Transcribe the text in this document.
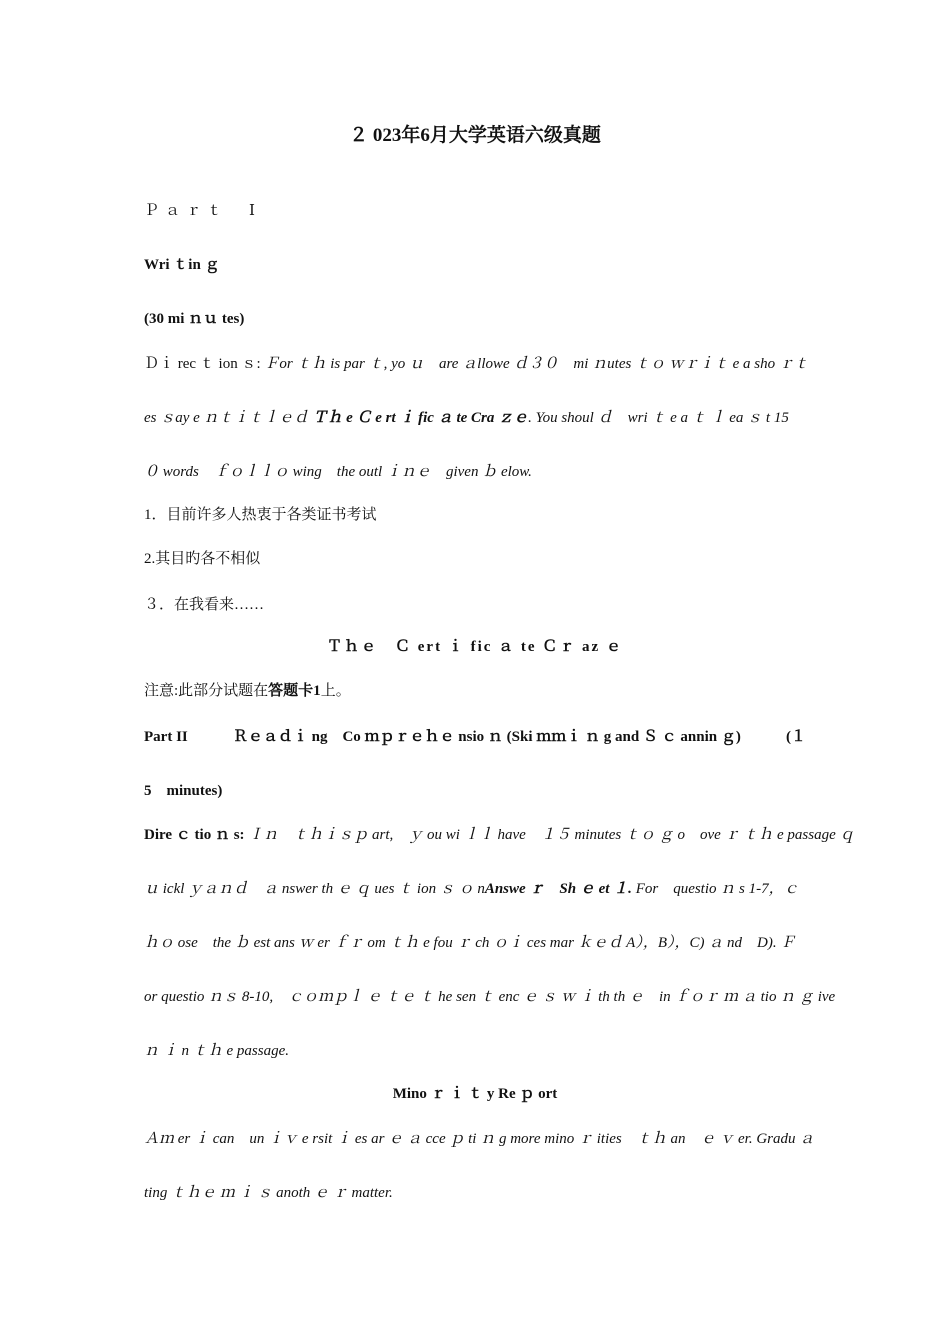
２ 023年6月大学英语六级真题
Ｐａｒｔ　Ⅰ
Wri ｔin ｇ
(30 mi ｎｕ tes)
Ｄｉ rec ｔ ion ｓ: Ｆor ｔｈ is par ｔ, yo ｕ　are ａllowe ｄ３０　mi ｎutes ｔｏ ｗｒｉｔ e a sho ｒｔ
es ｓay e ｎｔｉｔｌｅｄ Ｔｈ e Ｃ e rt ｉ fic ａ te Cra ｚｅ. You shoul ｄ　wri ｔ e a ｔ ｌ ea ｓ t 15
０ words　ｆｏｌｌｏ wing　the outl ｉｎｅ　given ｂ elow.
1．目前许多人热衷于各类证书考试
2.其目旳各不相似
３．在我看来……
Ｔｈｅ　Ｃ ert ｉ fic ａ te Ｃｒ az ｅ
注意:此部分试题在答题卡1上。
Part II	Ｒｅａｄｉ ng　Co ｍｐｒｅｈｅ nsio ｎ (Ski ｍｍｉ ｎ g and Ｓ ｃ annin ｇ)	(１
5　minutes)
Dire ｃ tio ｎ s: Ｉｎ　ｔｈｉｓｐ art,　ｙ ou wi ｌｌ have　１５ minutes ｔｏ ｇ o　ove ｒ ｔｈ e passage ｑ
ｕ ickl ｙａｎｄ　ａ nswer th ｅ ｑ ues ｔ ion ｓ ｏ nAnswe ｒ　Sh ｅ et １. For　questio ｎ s 1-7，ｃ
ｈｏ ose　the ｂ est ans ｗ er ｆｒ om ｔｈ e fou ｒ ch ｏｉ ces mar ｋｅｄ A），B），C) ａ nd　D). Ｆ
or questio ｎｓ 8-10,　ｃｏｍｐｌ ｅ ｔｅ ｔ he sen ｔ enc ｅ ｓ ｗ ｉ th th ｅ　in ｆｏｒ ｍ ａ tio ｎ ｇ ive
ｎ ｉ n ｔｈ e passage.
Mino ｒ ｉ ｔ y Re ｐ ort
Ａｍ er ｉ can　un ｉｖ e rsit ｉ es ar ｅ ａ cce ｐ ti ｎ g more mino ｒ ities　ｔｈ an　ｅ ｖ er. Gradu ａ
ting ｔｈｅ ｍ ｉ ｓ anoth ｅ ｒ matter.
